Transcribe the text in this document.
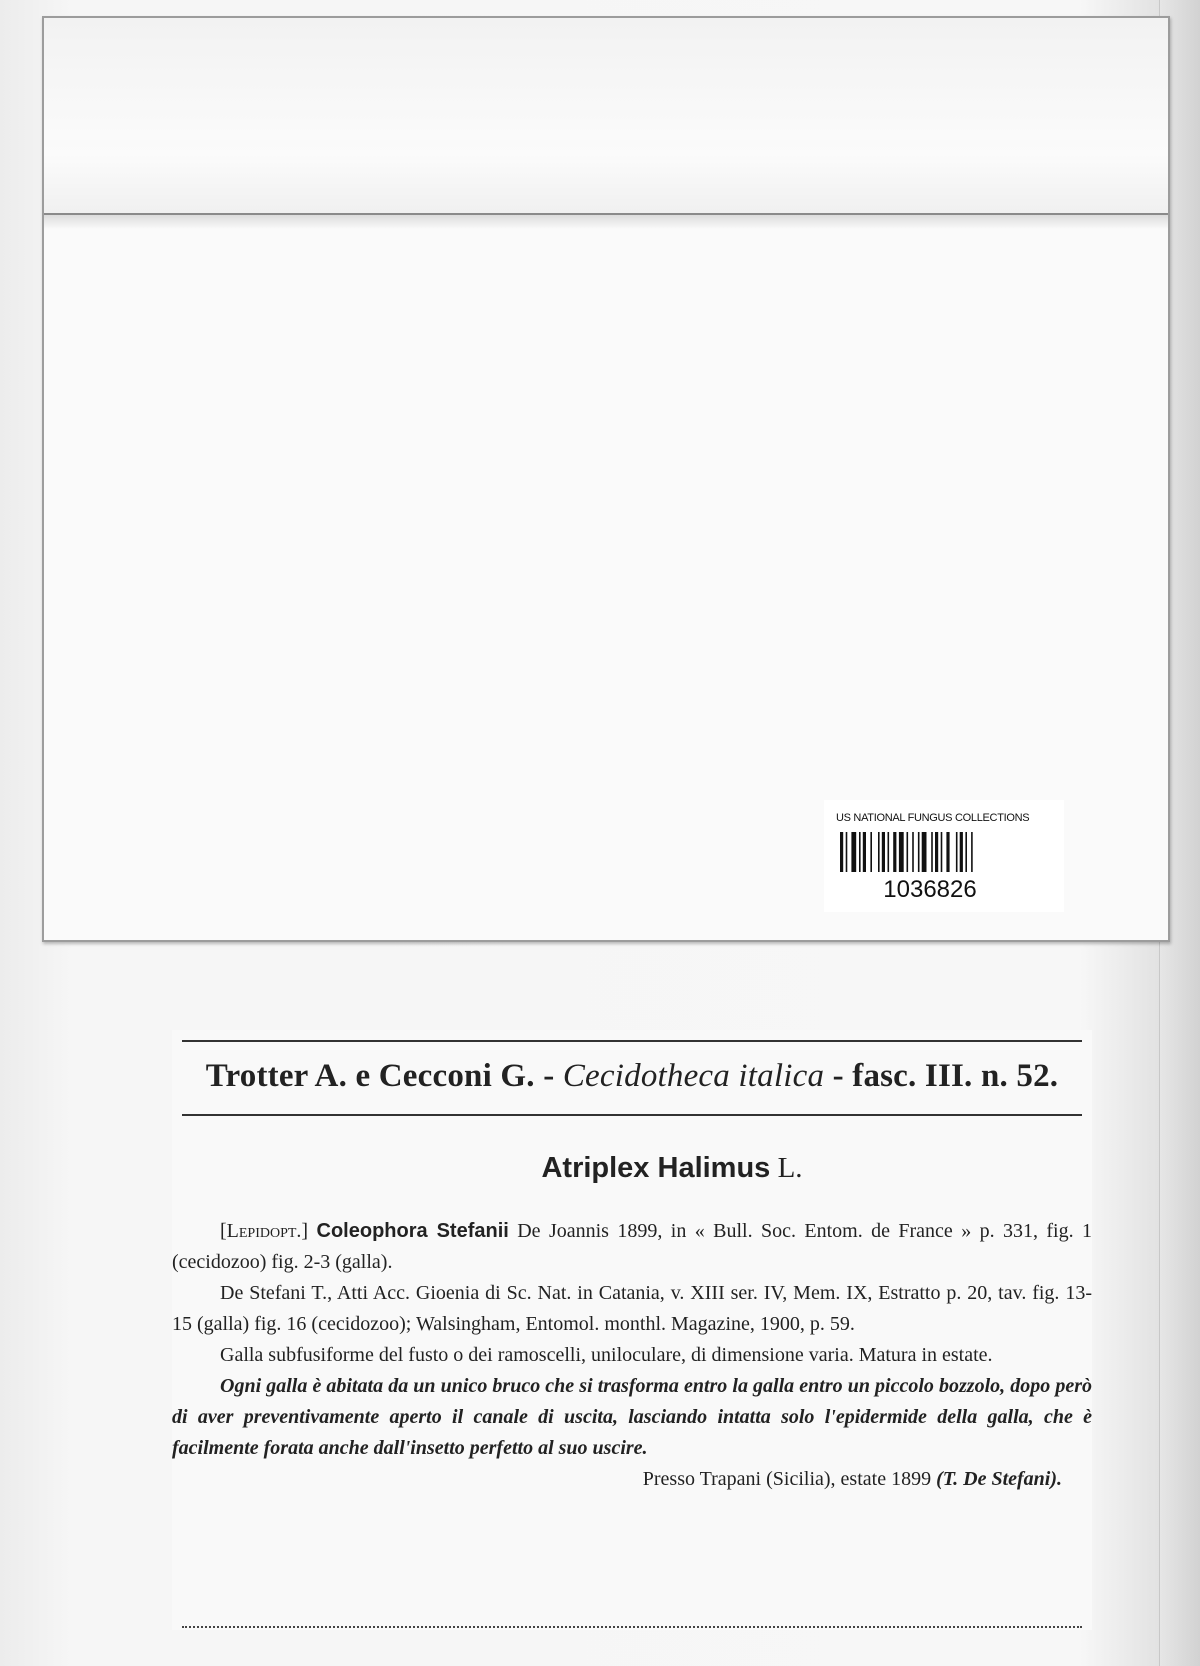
US NATIONAL FUNGUS COLLECTIONS
1036826
Trotter A. e Cecconi G. - Cecidotheca italica - fasc. III. n. 52.
Atriplex Halimus L.

[Lepidopt.] Coleophora Stefanii De Joannis 1899, in « Bull. Soc. Entom. de France » p. 331, fig. 1 (cecidozoo) fig. 2-3 (galla).

De Stefani T., Atti Acc. Gioenia di Sc. Nat. in Catania, v. XIII ser. IV, Mem. IX, Estratto p. 20, tav. fig. 13-15 (galla) fig. 16 (cecidozoo); Walsingham, Entomol. monthl. Magazine, 1900, p. 59.

Galla subfusiforme del fusto o dei ramoscelli, uniloculare, di dimensione varia. Matura in estate.

Ogni galla è abitata da un unico bruco che si trasforma entro la galla entro un piccolo bozzolo, dopo però di aver preventivamente aperto il canale di uscita, lasciando intatta solo l'epidermide della galla, che è facilmente forata anche dall'insetto perfetto al suo uscire.

Presso Trapani (Sicilia), estate 1899 (T. De Stefani).
